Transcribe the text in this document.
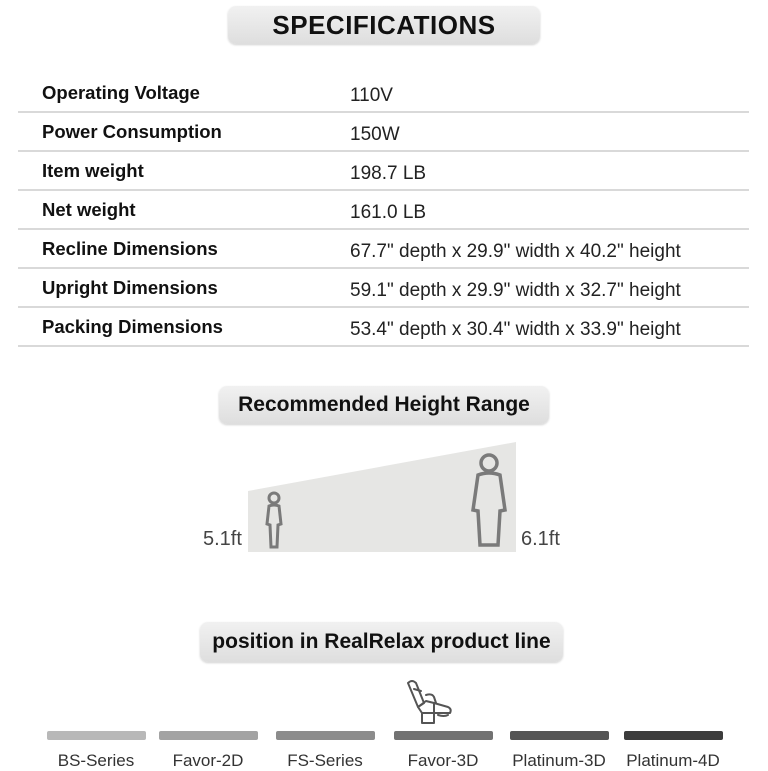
SPECIFICATIONS
Operating Voltage	110V
Power Consumption	150W
Item weight	198.7 LB
Net weight	161.0 LB
Recline Dimensions	67.7" depth x 29.9" width x 40.2" height
Upright Dimensions	59.1" depth x 29.9" width x 32.7" height
Packing Dimensions	53.4" depth x 30.4" width x 33.9" height
Recommended Height Range
5.1ft	6.1ft
position in RealRelax product line
BS-Series	Favor-2D	FS-Series	Favor-3D	Platinum-3D	Platinum-4D
